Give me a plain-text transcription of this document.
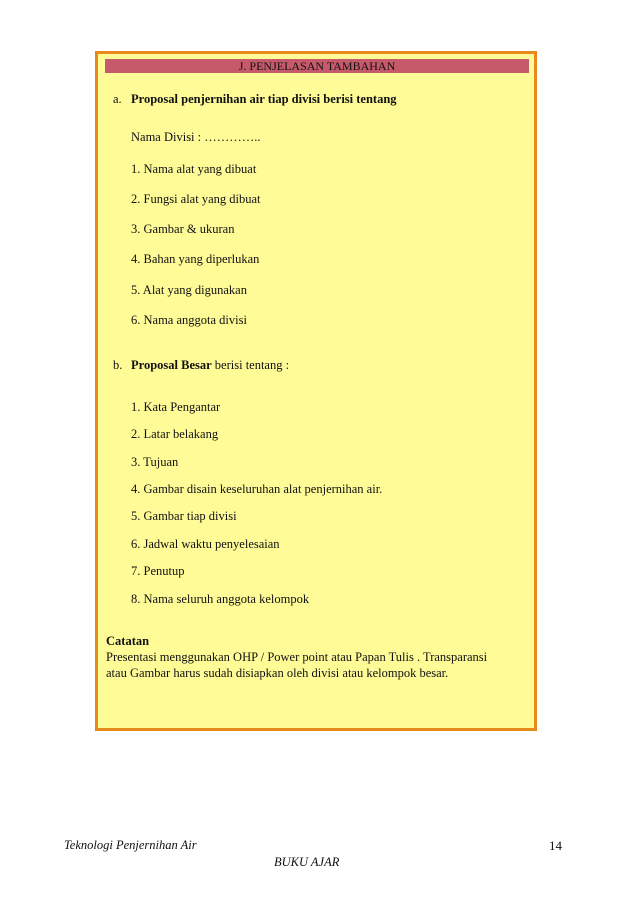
J. PENJELASAN TAMBAHAN
a. Proposal penjernihan air tiap divisi berisi tentang
Nama Divisi : …………..
1. Nama alat yang dibuat
2. Fungsi alat yang dibuat
3. Gambar & ukuran
4. Bahan yang diperlukan
5. Alat yang digunakan
6. Nama anggota divisi
b. Proposal Besar berisi tentang :
1. Kata Pengantar
2. Latar belakang
3. Tujuan
4. Gambar disain keseluruhan alat penjernihan air.
5. Gambar tiap divisi
6. Jadwal waktu penyelesaian
7. Penutup
8. Nama seluruh anggota kelompok
Catatan
Presentasi menggunakan OHP / Power point atau Papan Tulis . Transparansi
atau Gambar harus sudah disiapkan oleh divisi atau kelompok besar.
Teknologi Penjernihan Air	14
BUKU AJAR
